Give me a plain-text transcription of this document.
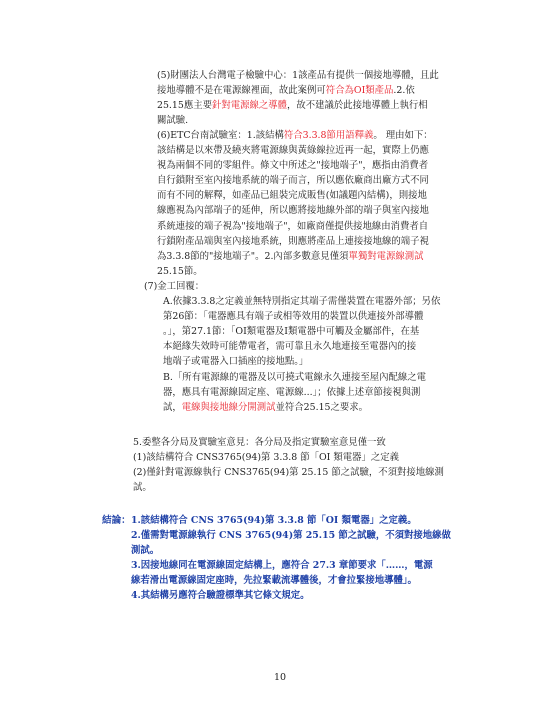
(5)財團法人台灣電子檢驗中心：1該產品有提供一個接地導體，且此

接地導體不是在電源線裡面，故此案例可符合為OI類產品.2.依

25.15應主要針對電源線之導體，故不建議於此接地導體上執行相

關試驗.

(6)ETC台南試驗室：1.該結構符合3.3.8節用語釋義。 理由如下：

該結構是以來帶及繞夾將電源線與黃綠線拉近再一起，實際上仍應

視為兩個不同的零組件。條文中所述之"接地端子"，應指由消費者

自行鎖附至室內接地系統的端子而言，所以應依廠商出廠方式不同

而有不同的解釋，如產品已組裝完成販售(如議題內結構)，則接地

線應視為內部端子的延伸，所以應將接地線外部的端子與室內接地

系統連接的端子視為"接地端子"，如廠商僅提供接地線由消費者自

行鎖附產品端與室內接地系統，則應將產品上連接接地線的端子視

為3.3.8節的"接地端子"。2.內部多數意見僅須單獨對電源線測試

25.15節。

(7)金工回覆：

A.依據3.3.8之定義並無特別指定其端子需僅裝置在電器外部；另依

第26節：「電器應具有端子或相等效用的裝置以供連接外部導體

。」，第27.1節：「OI類電器及I類電器中可觸及金屬部件，在基

本絕緣失效時可能帶電者，需可靠且永久地連接至電器內的接

地端子或電器入口插座的接地點。」

B.「所有電源線的電器及以可撓式電線永久連接至屋內配線之電

器，應具有電源線固定座、電源線...」；依據上述章節接視與測

試，電線與接地線分開測試並符合25.15之要求。

5.委整各分局及實驗室意見：各分局及指定實驗室意見僅一致

(1)該結構符合 CNS3765(94)第 3.3.8 節「OI 類電器」之定義

(2)僅針對電源線執行 CNS3765(94)第 25.15 節之試驗，不須對接地線測

試。

結論： 1.該結構符合 CNS 3765(94)第 3.3.8 節「OI 類電器」之定義。

2.僅需對電源線執行 CNS 3765(94)第 25.15 節之試驗，不須對接地線做

測試。

3.因接地線同在電源線固定結構上，應符合 27.3 章節要求「……，電源

線若滑出電源線固定座時，先拉緊載流導體後，才會拉緊接地導體」。

4.其結構另應符合驗證標準其它條文規定。

10
